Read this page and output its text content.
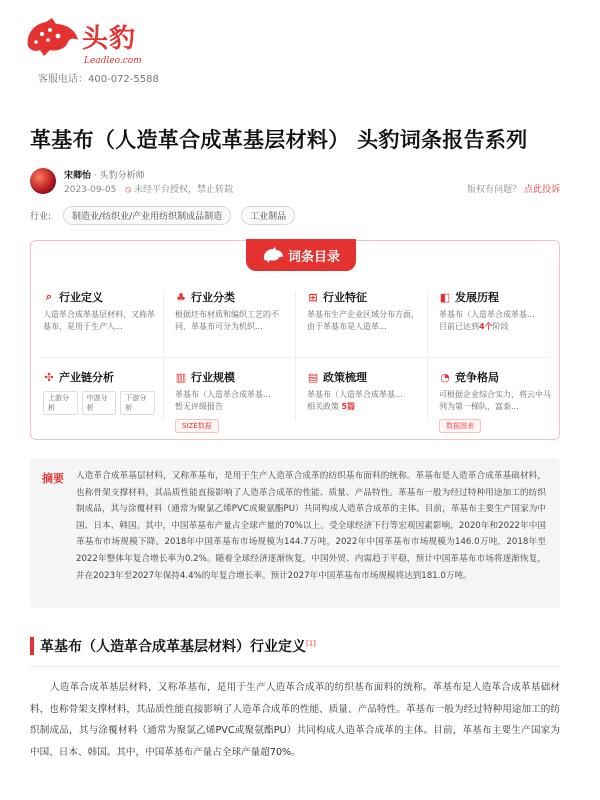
头豹
Leadleo.com
客服电话：400-072-5588
革基布（人造革合成革基层材料） 头豹词条报告系列
宋卿怡 · 头豹分析师
2023-09-05 ⦸ 未经平台授权，禁止转载	版权有问题？ 点此投诉
行业:	制造业/纺织业/产业用纺织制成品制造	工业制品
词条目录
⌕ 行业定义
人造革合成革基层材料，又称革基布，是用于生产人...
♣ 行业分类
根据坯布材质和编织工艺的不同、革基布可分为机织...
⊞ 行业特征
革基布生产企业区域分布方面，由于革基布是人造革...
◧ 发展历程
革基布（人造革合成革基...
目前已达到4个阶段
✣ 产业链分析
上游分析
中游分析
下游分析
▥ 行业规模
革基布（人造革合成革基...
暂无评级报告
SIZE数据
▤ 政策梳理
革基布（人造革合成革基...
相关政策 5篇
◔ 竞争格局
可根据企业综合实力，将云中马列为第一梯队，富泰...
数据图表
摘要 人造革合成革基层材料，又称革基布，是用于生产人造革合成革的纺织基布面料的统称。革基布是人造革合成革基础材料，也称骨架支撑材料，其品质性能直接影响了人造革合成革的性能、质量、产品特性。革基布一般为经过特种用途加工的纺织制成品，其与涂覆材料（通常为聚氯乙烯PVC或聚氨酯PU）共同构成人造革合成革的主体。目前，革基布主要生产国家为中国、日本、韩国。其中，中国革基布产量占全球产量的70%以上。受全球经济下行等宏观因素影响，2020年和2022年中国革基布市场规模下降。2018年中国革基布市场规模为144.7万吨，2022年中国革基布市场规模为146.0万吨，2018年至2022年整体年复合增长率为0.2%。随着全球经济逐渐恢复，中国外贸、内需趋于平稳，预计中国革基布市场将逐渐恢复，并在2023年至2027年保持4.4%的年复合增长率。预计2027年中国革基布市场规模将达到181.0万吨。

革基布（人造革合成革基层材料）行业定义[1]

人造革合成革基层材料，又称革基布，是用于生产人造革合成革的纺织基布面料的统称。革基布是人造革合成革基础材料，也称骨架支撑材料，其品质性能直接影响了人造革合成革的性能、质量、产品特性。革基布一般为经过特种用途加工的纺织制成品，其与涂覆材料（通常为聚氯乙烯PVC或聚氨酯PU）共同构成人造革合成革的主体。目前，革基布主要生产国家为中国、日本、韩国。其中，中国革基布产量占全球产量超70%。
